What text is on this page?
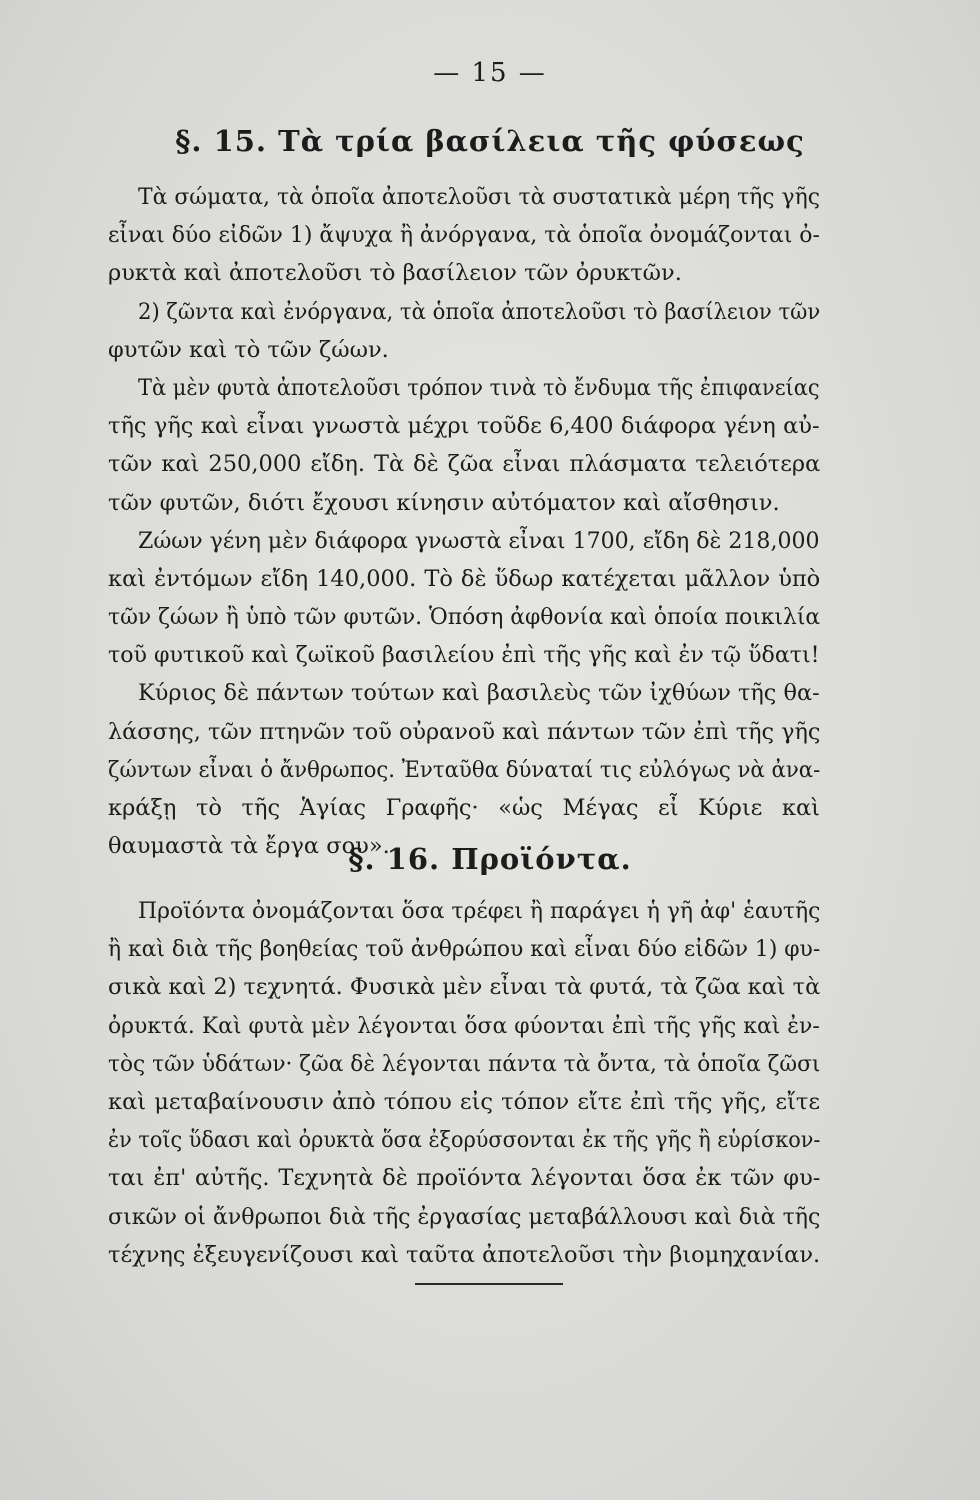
— 15 —
§. 15. Τὰ τρία βασίλεια τῆς φύσεως
Τὰ σώματα, τὰ ὁποῖα ἀποτελοῦσι τὰ συστατικὰ μέρη τῆς γῆς
εἶναι δύο εἰδῶν 1) ἄψυχα ἢ ἀνόργανα, τὰ ὁποῖα ὀνομάζονται ὀ-
ρυκτὰ καὶ ἀποτελοῦσι τὸ βασίλειον τῶν ὀρυκτῶν.
2) ζῶντα καὶ ἐνόργανα, τὰ ὁποῖα ἀποτελοῦσι τὸ βασίλειον τῶν
φυτῶν καὶ τὸ τῶν ζώων.
Τὰ μὲν φυτὰ ἀποτελοῦσι τρόπον τινὰ τὸ ἔνδυμα τῆς ἐπιφανείας
τῆς γῆς καὶ εἶναι γνωστὰ μέχρι τοῦδε 6,400 διάφορα γένη αὐ-
τῶν καὶ 250,000 εἴδη. Τὰ δὲ ζῶα εἶναι πλάσματα τελειότερα
τῶν φυτῶν, διότι ἔχουσι κίνησιν αὐτόματον καὶ αἴσθησιν.
Ζώων γένη μὲν διάφορα γνωστὰ εἶναι 1700, εἴδη δὲ 218,000
καὶ ἐντόμων εἴδη 140,000. Τὸ δὲ ὕδωρ κατέχεται μᾶλλον ὑπὸ
τῶν ζώων ἢ ὑπὸ τῶν φυτῶν. Ὁπόση ἀφθονία καὶ ὁποία ποικιλία
τοῦ φυτικοῦ καὶ ζωϊκοῦ βασιλείου ἐπὶ τῆς γῆς καὶ ἐν τῷ ὕδατι!
Κύριος δὲ πάντων τούτων καὶ βασιλεὺς τῶν ἰχθύων τῆς θα-
λάσσης, τῶν πτηνῶν τοῦ οὐρανοῦ καὶ πάντων τῶν ἐπὶ τῆς γῆς
ζώντων εἶναι ὁ ἄνθρωπος. Ἐνταῦθα δύναταί τις εὐλόγως νὰ ἀνα-
κράξῃ τὸ τῆς Ἁγίας Γραφῆς· «ὡς Μέγας εἶ Κύριε καὶ
θαυμαστὰ τὰ ἔργα σου».
§. 16. Προϊόντα.
Προϊόντα ὀνομάζονται ὅσα τρέφει ἢ παράγει ἡ γῆ ἀφ' ἑαυτῆς
ἢ καὶ διὰ τῆς βοηθείας τοῦ ἀνθρώπου καὶ εἶναι δύο εἰδῶν 1) φυ-
σικὰ καὶ 2) τεχνητά. Φυσικὰ μὲν εἶναι τὰ φυτά, τὰ ζῶα καὶ τὰ
ὀρυκτά. Καὶ φυτὰ μὲν λέγονται ὅσα φύονται ἐπὶ τῆς γῆς καὶ ἐν-
τὸς τῶν ὑδάτων· ζῶα δὲ λέγονται πάντα τὰ ὄντα, τὰ ὁποῖα ζῶσι
καὶ μεταβαίνουσιν ἀπὸ τόπου εἰς τόπον εἴτε ἐπὶ τῆς γῆς, εἴτε
ἐν τοῖς ὕδασι καὶ ὀρυκτὰ ὅσα ἐξορύσσονται ἐκ τῆς γῆς ἢ εὑρίσκον-
ται ἐπ' αὐτῆς. Τεχνητὰ δὲ προϊόντα λέγονται ὅσα ἐκ τῶν φυ-
σικῶν οἱ ἄνθρωποι διὰ τῆς ἐργασίας μεταβάλλουσι καὶ διὰ τῆς
τέχνης ἐξευγενίζουσι καὶ ταῦτα ἀποτελοῦσι τὴν βιομηχανίαν.
